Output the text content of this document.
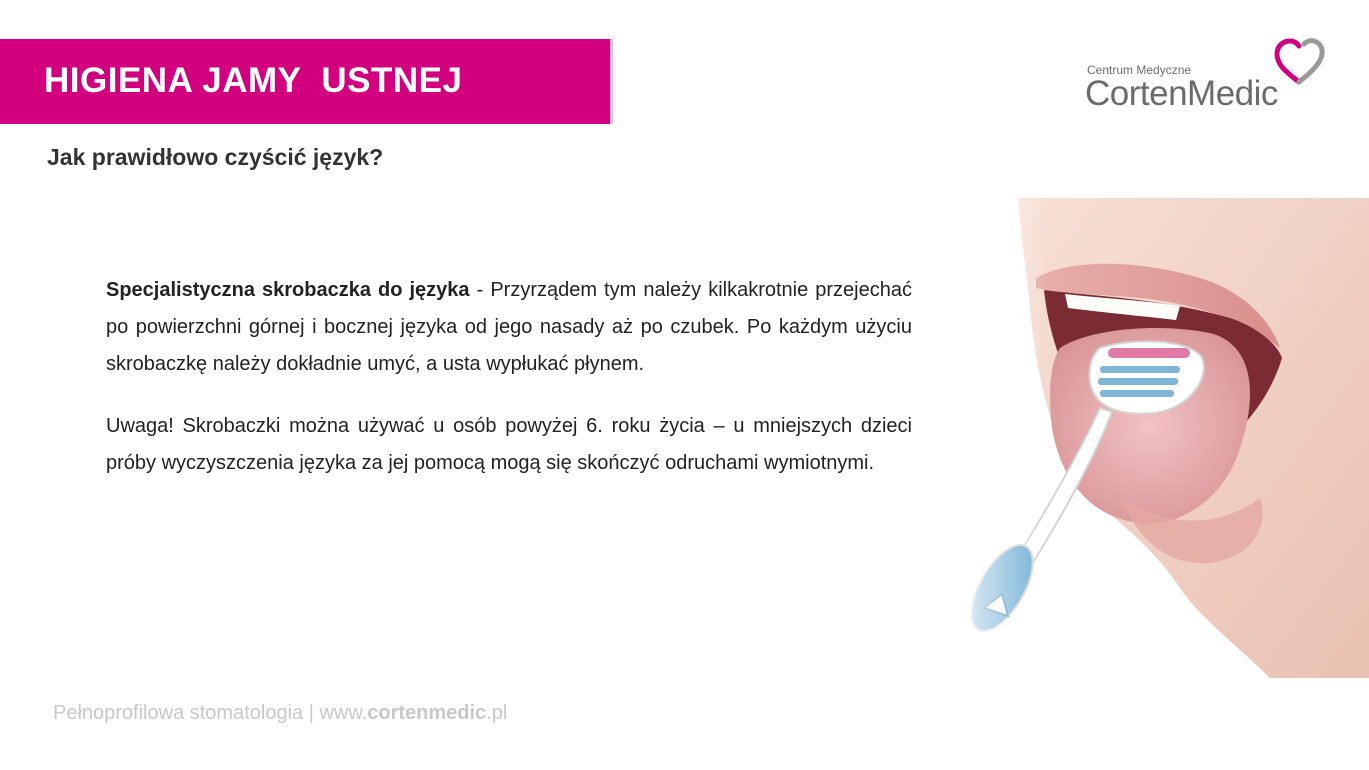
HIGIENA JAMY  USTNEJ
Jak prawidłowo czyścić język?
Centrum Medyczne
CortenMedic

Specjalistyczna skrobaczka do języka - Przyrządem tym należy kilkakrotnie przejechać po powierzchni górnej i bocznej języka od jego nasady aż po czubek. Po każdym użyciu skrobaczkę należy dokładnie umyć, a usta wypłukać płynem.

Uwaga! Skrobaczki można używać u osób powyżej 6. roku życia – u mniejszych dzieci próby wyczyszczenia języka za jej pomocą mogą się skończyć odruchami wymiotnymi.

Pełnoprofilowa stomatologia | www.cortenmedic.pl
